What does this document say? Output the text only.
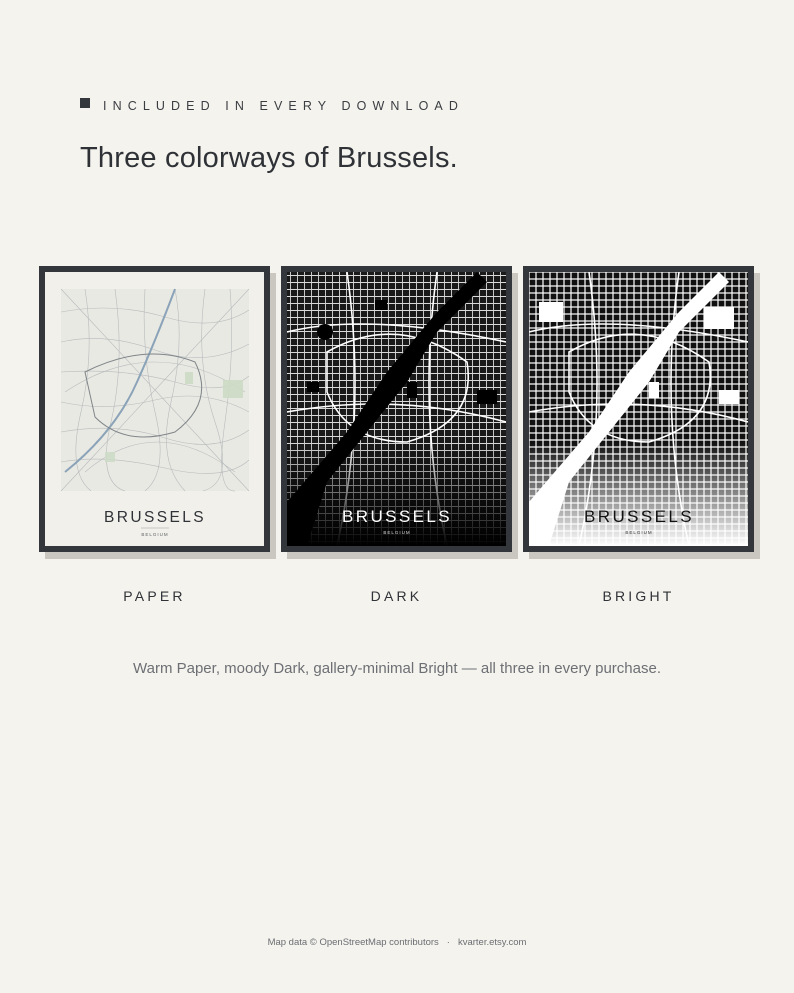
INCLUDED IN EVERY DOWNLOAD
Three colorways of Brussels.
BRUSSELS
BELGIUM
BRUSSELS
BELGIUM
BRUSSELS
BELGIUM
PAPER	DARK	BRIGHT
Warm Paper, moody Dark, gallery-minimal Bright — all three in every purchase.
Map data © OpenStreetMap contributors · kvarter.etsy.com
